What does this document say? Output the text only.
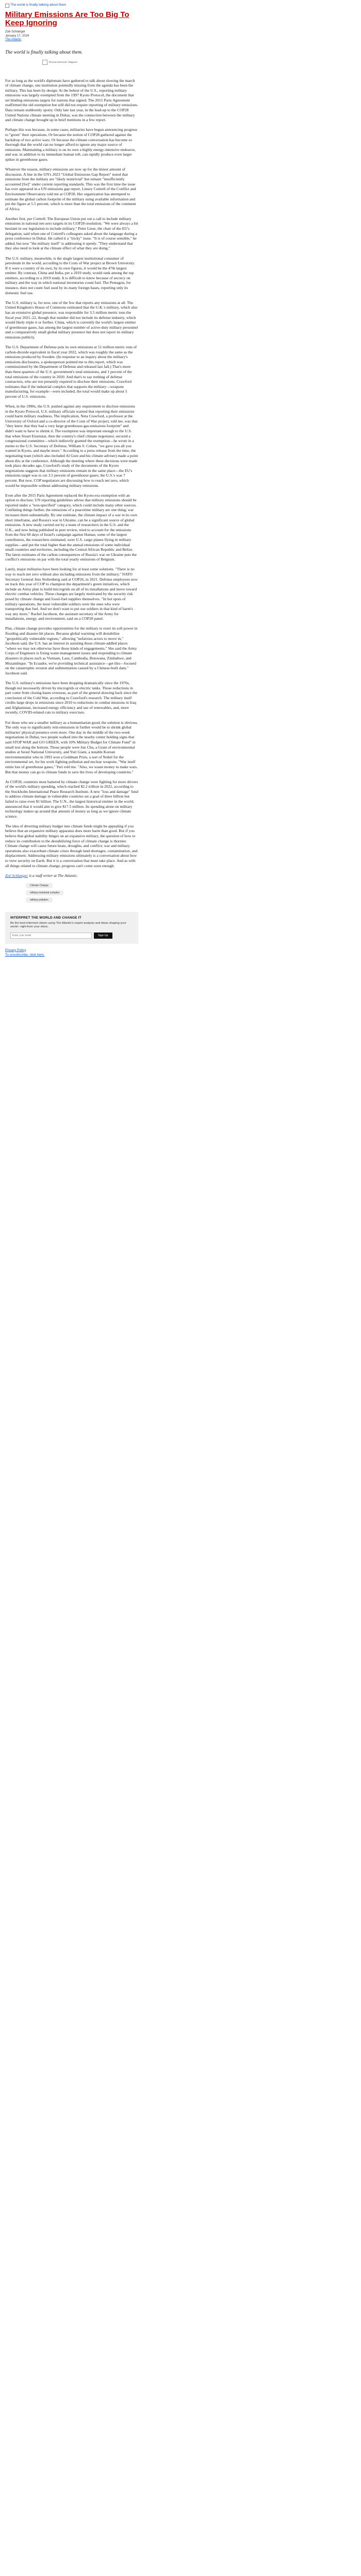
The world is finally talking about them
Military Emissions Are Too Big To Keep Ignoring
Zoë Schlanger
January 17, 2024
The Atlantic
The world is finally talking about them.
Thomas Dworzak / Magnum

For as long as the world's diplomats have gathered to talk about slowing the march of climate change, one institution pointedly missing from the agenda has been the military. This has been by design: At the behest of the U.S., reporting military emissions was largely exempted from the 1997 Kyoto Protocol, the document that set binding emissions targets for nations that signed. The 2015 Paris Agreement reaffirmed the old exemption but still did not require reporting of military emissions. Data remain stubbornly spotty. Only late last year, in the lead-up to the COP28 United Nations climate meeting in Dubai, was the connection between the military and climate change brought up in brief mentions in a few report.

Perhaps this was because, in some cases, militaries have begun announcing progress to "green" their operations. Or because the notion of COP28 gathered against the backdrop of two active wars. Or because the climate conversation has become so thorough that the world can no longer afford to ignore any major source of emissions. Maintaining a military is on its own a highly energy-intensive endeavor, and war, in addition to its immediate human toll, can rapidly produce even larger spikes in greenhouse gases.

Whatever the reason, military emissions are now up for the tiniest amount of discussion. A line in the UN's 2023 "Global Emissions Gap Report" noted that emissions from the military are "likely nontrivial" but remain "insufficiently accounted [for]" under current reporting standards. This was the first time the issue has ever appeared in a UN emissions gap report, Linsey Cottrell of the Conflict and Environment Observatory told me at COP28. Her organization has attempted to estimate the global carbon footprint of the military using available information and put the figure at 5.5 percent, which is more than the total emissions of the continent of Africa.

Another first, per Cottrell: The European Union put out a call to include military emissions in national net-zero targets in its COP28 resolution. "We were always a bit hesitant in our legislation to include military," Peter Liese, the chair of the EU's delegation, said when one of Cottrell's colleagues asked about the language during a press conference in Dubai. He called it a "tricky" issue. "It is of course sensible," he added, but now "the military itself" is addressing it openly. "They understand that they also need to look at the climate effect of what they are doing."

The U.S. military, meanwhile, is the single largest institutional consumer of petroleum in the world, according to the Costs of War project at Brown University. If it were a country of its own, by its own figures, it would be the 47th largest emitter. By contrast, China and India, per a 2019 study, would rank among the top emitters, according to a 2019 study. It is difficult to know because of secrecy on military and the way in which national inventories count fuel. The Pentagon, for instance, does not count fuel used by its many foreign bases, reporting only its domestic fuel use.

The U.S. military is, for now, one of the few that reports any emissions at all. The United Kingdom's House of Commons estimated that the U.K.'s military, which also has an extensive global presence, was responsible for 3.5 million metric tons the fiscal year 2021–22, though that number did not include its defense industry, which would likely triple it or further. China, which is currently the world's largest emitter of greenhouse gases, has among the largest number of active-duty military personnel and a comparatively small global military presence but does not report its military emissions publicly.

The U.S. Department of Defense puts its own emissions at 51 million metric tons of carbon-dioxide equivalent in fiscal year 2022, which was roughly the same as the emissions produced by Sweden. (In response to an inquiry about the military's emissions disclosures, a spokesperson pointed me to this report, which was commissioned by the Department of Defense and released last fall.) That's more than three-quarters of the U.S. government's total emissions, and 1 percent of the total emissions of the country in 2020. And that's to say nothing of defense contractors, who are not presently required to disclose their emissions. Crawford estimates that if the industrial complex that supports the military—weapons manufacturing, for example—were included, the total would make up about 5 percent of U.S. emissions.

When, in the 1990s, the U.S. pushed against any requirement to disclose emissions in the Kyoto Protocol, U.S. military officials warned that reporting their emissions could harm military readiness. The implication, Neta Crawford, a professor at the University of Oxford and a co-director of the Costs of War project, told me, was that "they knew that they had a very large greenhouse-gas-emissions footprint" and didn't want to have to shrink it. The exemption was important enough to the U.S. that when Stuart Eizenstat, then the country's chief climate negotiator, secured a congressional committee—which indirectly granted the exemption—he wrote in a memo to the U.S. Secretary of Defense, William S. Cohen, "we gave you all you wanted in Kyoto, and maybe more." According to a press release from the time, the negotiating team (which also included Al Gore and his climate adviser) made a point about this at the conference. Although the meeting where these decisions were made took place decades ago, Crawford's study of the documents of the Kyoto negotiations suggests that military emissions remain in the same place—the EU's emissions target was to cut 3.5 percent of greenhouse gases; the U.S.'s was 7 percent. But now, COP negotiators are discussing how to reach net zero, which would be impossible without addressing military emissions.

Even after the 2015 Paris Agreement replaced the Kyoto-era exemption with an option to disclose, UN reporting guidelines advise that military emissions should be reported under a "non-specified" category, which could include many other sources. Conflating things further, the emissions of a peacetime military are one thing; war increases them substantially. By one estimate, the climate impact of a war in its own short timeframe, and Russia's war in Ukraine, can be a significant source of global emissions. A new study carried out by a team of researchers in the U.S. and the U.K., and now being published in peer review, tried to account for the emissions from the first 60 days of Israel's campaign against Hamas; some of the largest contributors, the researchers estimated, were U.S. cargo planes flying in military supplies—and put the total higher than the annual emissions of some individual small countries and territories, including the Central African Republic and Belize. The latest estimates of the carbon consequences of Russia's war on Ukraine puts the conflict's emissions on par with the total yearly emissions of Belgium.

Lately, major militaries have been looking for at least some solutions. "There is no way to reach net zero without also including emissions from the military," NATO Secretary General Jens Stoltenberg said at COP26, in 2021. Defense employees now on track this year of COP to champion the department's green initiatives, which include an Army plan to build microgrids on all of its installations and move toward electric combat vehicles. These changes are largely motivated by the security risk posed by climate change and fossil-fuel supplies themselves. "In hot spots of military operations, the most vulnerable soldiers were the ones who were transporting that fuel. And we don't want to put our soldiers in that kind of harm's way any more," Rachel Jacobson, the assistant secretary of the Army for installations, energy, and environment, said on a COP28 panel.

Plus, climate change provides opportunities for the military to exert its soft power in flooding and disaster-hit places. Because global warming will destabilize "geopolitically vulnerable regions," allowing "nefarious actors to move in," Jacobson said, the U.S. has an interest in assisting those climate-addled places "where we may not otherwise have those kinds of engagements." She said the Army Corps of Engineers is fixing water-management issues and responding to climate disasters in places such as Vietnam, Laos, Cambodia, Botswana, Zimbabwe, and Mozambique. "In Ecuador, we're providing technical assistance—get this—focused on the catastrophic erosion and sedimentation caused by a Chinese-built dam," Jacobson said.

The U.S. military's emissions have been dropping dramatically since the 1970s, though not necessarily driven by microgrids or electric tanks. Those reductions in part come from closing bases overseas, as part of the general drawing back since the conclusion of the Cold War, according to Crawford's research. The military itself credits large drops in emissions since 2010 to reductions in combat missions in Iraq and Afghanistan, increased energy efficiency and use of renewables, and, more recently, COVID-related cuts to military exercises.

For those who see a smaller military as a humanitarian good, the solution is obvious. The only way to significantly rein emissions in further would be to shrink global militaries' physical presence even more. One day in the middle of the two-week negotiations in Dubai, two people walked into the nearby center holding signs that said STOP WAR and GO GREEN, with 10% Military Budget for Climate Fund" in small text along the bottom. Those people were Jun Chu, a Grant of environmental studies at Seoul National University, and Yuri Giani, a notable Korean environmentalist who in 1993 won a Goldman Prize, a sort of Nobel for the environmental set, for his work fighting pollution and nuclear weapons. "War itself emits lots of greenhouse gases," Yuri told me. "Also, we waste money to make wars. But that money can go to climate funds to save the lives of developing countries."

At COP28, countries most battered by climate change were fighting for more drivers of the world's military spending, which reached $2.2 trillion in 2022, according to the Stockholm International Peace Research Institute. A new "loss and damage" fund to address climate damage in vulnerable countries set a goal of three billion but failed to raise even $1 billion. The U.N., the largest historical emitter in the world, announced that it would aim to give $17.5 million. Its spending alone on military technology makes up around that amount of money as long as we ignore climate science.

The idea of diverting military budget into climate funds might be appealing if you believe that an expansive military apparatus does more harm than good. But if you believe that global stability hinges on an expansive military, the question of how to reduce its contribution to the destabilizing force of climate change is thornier. Climate change will cause future heats, droughts, and conflict; war and military operations also exacerbate climate crises through land shortages, contamination, and displacement. Addressing military emissions ultimately is a conversation about how to view security on Earth. But it is a conversation that must take place. And as with all things related to climate change, progress can't come soon enough.

Zoë Schlanger is a staff writer at The Atlantic.

Climate Change
military industrial complex
military pollution
INTERPRET THE WORLD AND CHANGE IT
Be the best informed citizen using The Atlantic's expert analysis and ideas shaping your world—right from your inbox.
Enter your email
Sign Up
Privacy Policy
To unsubscribe, click here.
